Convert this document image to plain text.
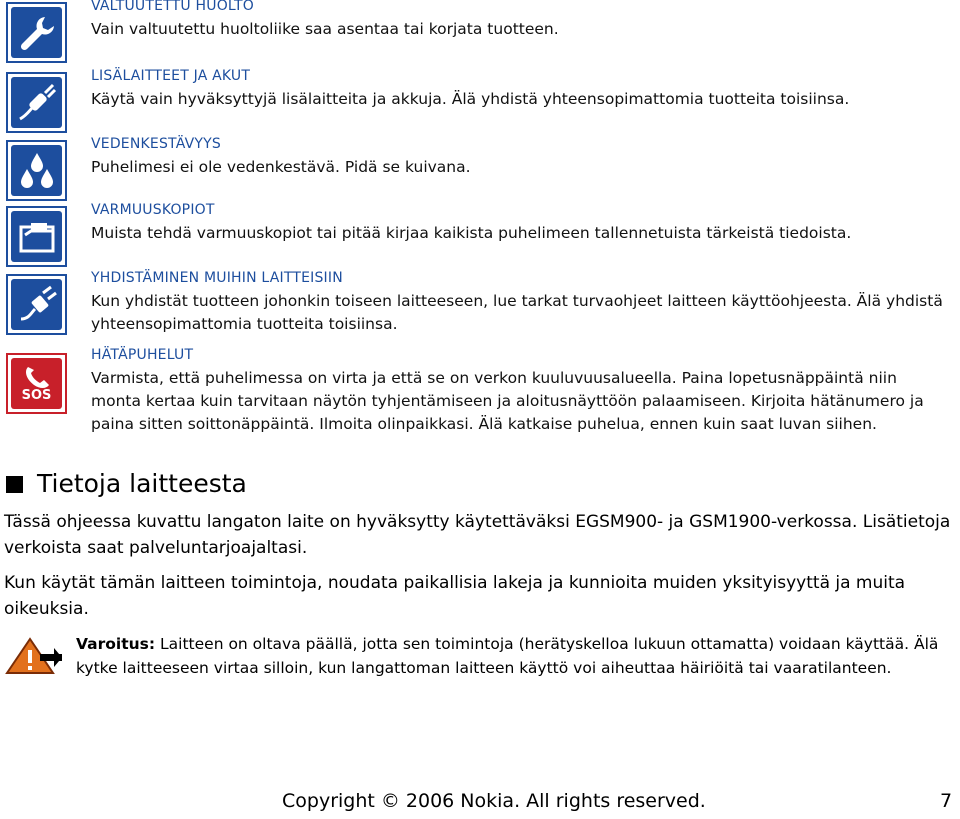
VALTUUTETTU HUOLTO
Vain valtuutettu huoltoliike saa asentaa tai korjata tuotteen.
LISÄLAITTEET JA AKUT
Käytä vain hyväksyttyjä lisälaitteita ja akkuja. Älä yhdistä yhteensopimattomia tuotteita toisiinsa.
VEDENKESTÄVYYS
Puhelimesi ei ole vedenkestävä. Pidä se kuivana.
VARMUUSKOPIOT
Muista tehdä varmuuskopiot tai pitää kirjaa kaikista puhelimeen tallennetuista tärkeistä tiedoista.
YHDISTÄMINEN MUIHIN LAITTEISIIN
Kun yhdistät tuotteen johonkin toiseen laitteeseen, lue tarkat turvaohjeet laitteen käyttöohjeesta. Älä yhdistä yhteensopimattomia tuotteita toisiinsa.
SOS
HÄTÄPUHELUT
Varmista, että puhelimessa on virta ja että se on verkon kuuluvuusalueella. Paina lopetusnäppäintä niin monta kertaa kuin tarvitaan näytön tyhjentämiseen ja aloitusnäyttöön palaamiseen. Kirjoita hätänumero ja paina sitten soittonäppäintä. Ilmoita olinpaikkasi. Älä katkaise puhelua, ennen kuin saat luvan siihen.
Tietoja laitteesta
Tässä ohjeessa kuvattu langaton laite on hyväksytty käytettäväksi EGSM900- ja GSM1900-verkossa. Lisätietoja verkoista saat palveluntarjoajaltasi.
Kun käytät tämän laitteen toimintoja, noudata paikallisia lakeja ja kunnioita muiden yksityisyyttä ja muita oikeuksia.
Varoitus: Laitteen on oltava päällä, jotta sen toimintoja (herätyskelloa lukuun ottamatta) voidaan käyttää. Älä kytke laitteeseen virtaa silloin, kun langattoman laitteen käyttö voi aiheuttaa häiriöitä tai vaaratilanteen.
Copyright © 2006 Nokia. All rights reserved.	7
